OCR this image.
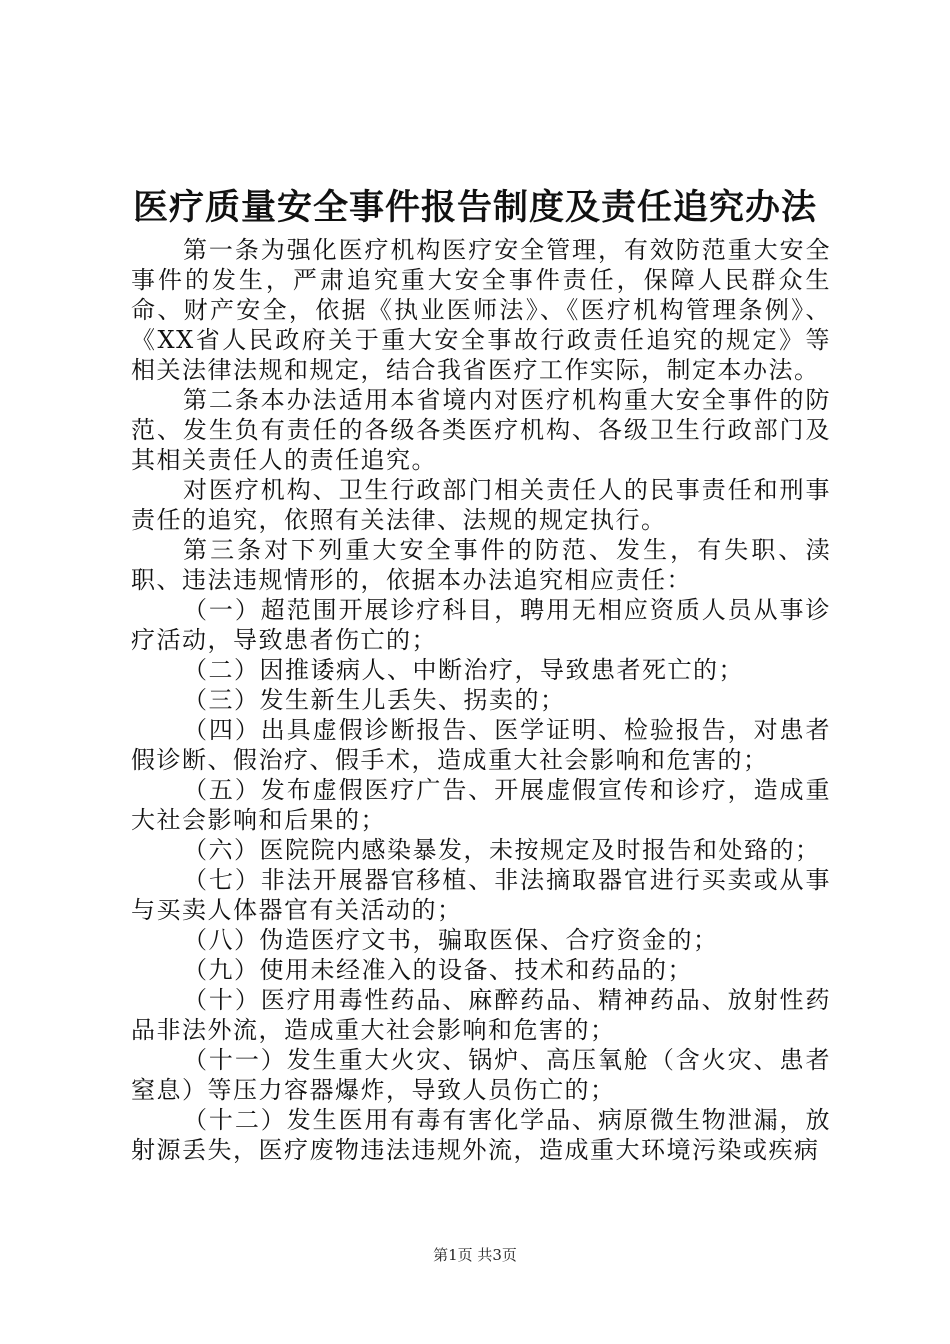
医疗质量安全事件报告制度及责任追究办法

第一条为强化医疗机构医疗安全管理，有效防范重大安全事件的发生，严肃追究重大安全事件责任，保障人民群众生命、财产安全，依据《执业医师法》、《医疗机构管理条例》、《XX省人民政府关于重大安全事故行政责任追究的规定》等相关法律法规和规定，结合我省医疗工作实际，制定本办法。

第二条本办法适用本省境内对医疗机构重大安全事件的防范、发生负有责任的各级各类医疗机构、各级卫生行政部门及其相关责任人的责任追究。

对医疗机构、卫生行政部门相关责任人的民事责任和刑事责任的追究，依照有关法律、法规的规定执行。

第三条对下列重大安全事件的防范、发生，有失职、渎职、违法违规情形的，依据本办法追究相应责任：

（一）超范围开展诊疗科目，聘用无相应资质人员从事诊疗活动，导致患者伤亡的；

（二）因推诿病人、中断治疗，导致患者死亡的；

（三）发生新生儿丢失、拐卖的；

（四）出具虚假诊断报告、医学证明、检验报告，对患者假诊断、假治疗、假手术，造成重大社会影响和危害的；

（五）发布虚假医疗广告、开展虚假宣传和诊疗，造成重大社会影响和后果的；

（六）医院院内感染暴发，未按规定及时报告和处臵的；

（七）非法开展器官移植、非法摘取器官进行买卖或从事与买卖人体器官有关活动的；

（八）伪造医疗文书，骗取医保、合疗资金的；

（九）使用未经准入的设备、技术和药品的；

（十）医疗用毒性药品、麻醉药品、精神药品、放射性药品非法外流，造成重大社会影响和危害的；

（十一）发生重大火灾、锅炉、高压氧舱（含火灾、患者窒息）等压力容器爆炸，导致人员伤亡的；

（十二）发生医用有毒有害化学品、病原微生物泄漏，放射源丢失，医疗废物违法违规外流，造成重大环境污染或疾病

第1页 共3页
